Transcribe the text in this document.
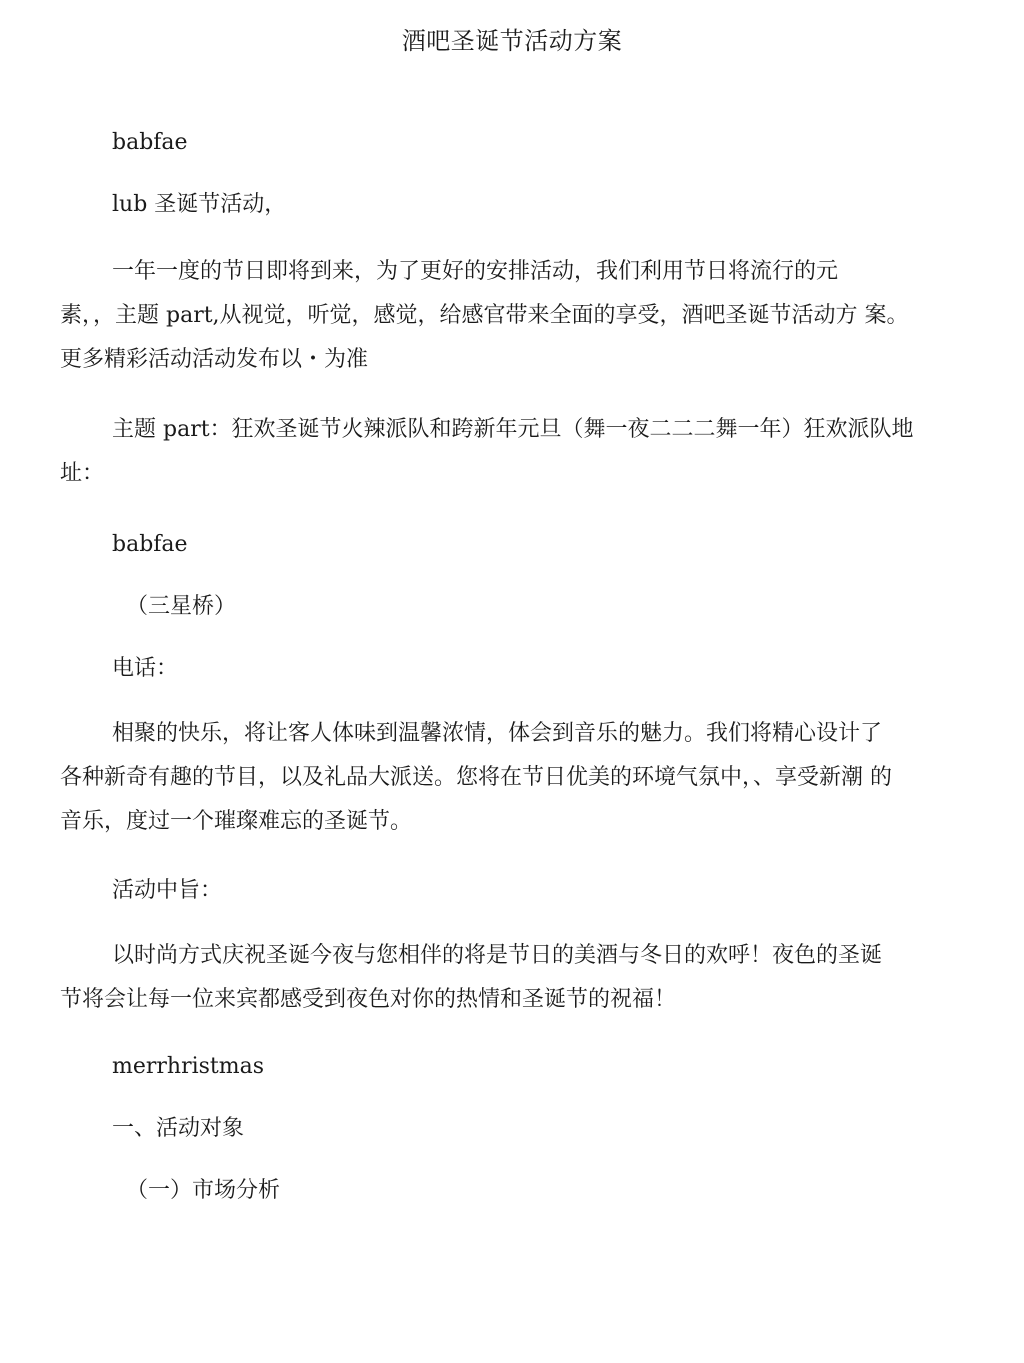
酒吧圣诞节活动方案
babfae
lub 圣诞节活动，
一年一度的节日即将到来，为了更好的安排活动，我们利用节日将流行的元
素，，主题 part,从视觉，听觉，感觉，给感官带来全面的享受，酒吧圣诞节活动方 案。
更多精彩活动活动发布以・为准
主题 part：狂欢圣诞节火辣派队和跨新年元旦（舞一夜二二二舞一年）狂欢派队地
址：
babfae
（三星桥）
电话：
相聚的快乐，将让客人体味到温馨浓情，体会到音乐的魅力。我们将精心设计了
各种新奇有趣的节目，以及礼品大派送。您将在节日优美的环境气氛中，、享受新潮 的
音乐，度过一个璀璨难忘的圣诞节。
活动中旨：
以时尚方式庆祝圣诞今夜与您相伴的将是节日的美酒与冬日的欢呼！夜色的圣诞
节将会让每一位来宾都感受到夜色对你的热情和圣诞节的祝福！
merrhristmas
一、活动对象
（一）市场分析
